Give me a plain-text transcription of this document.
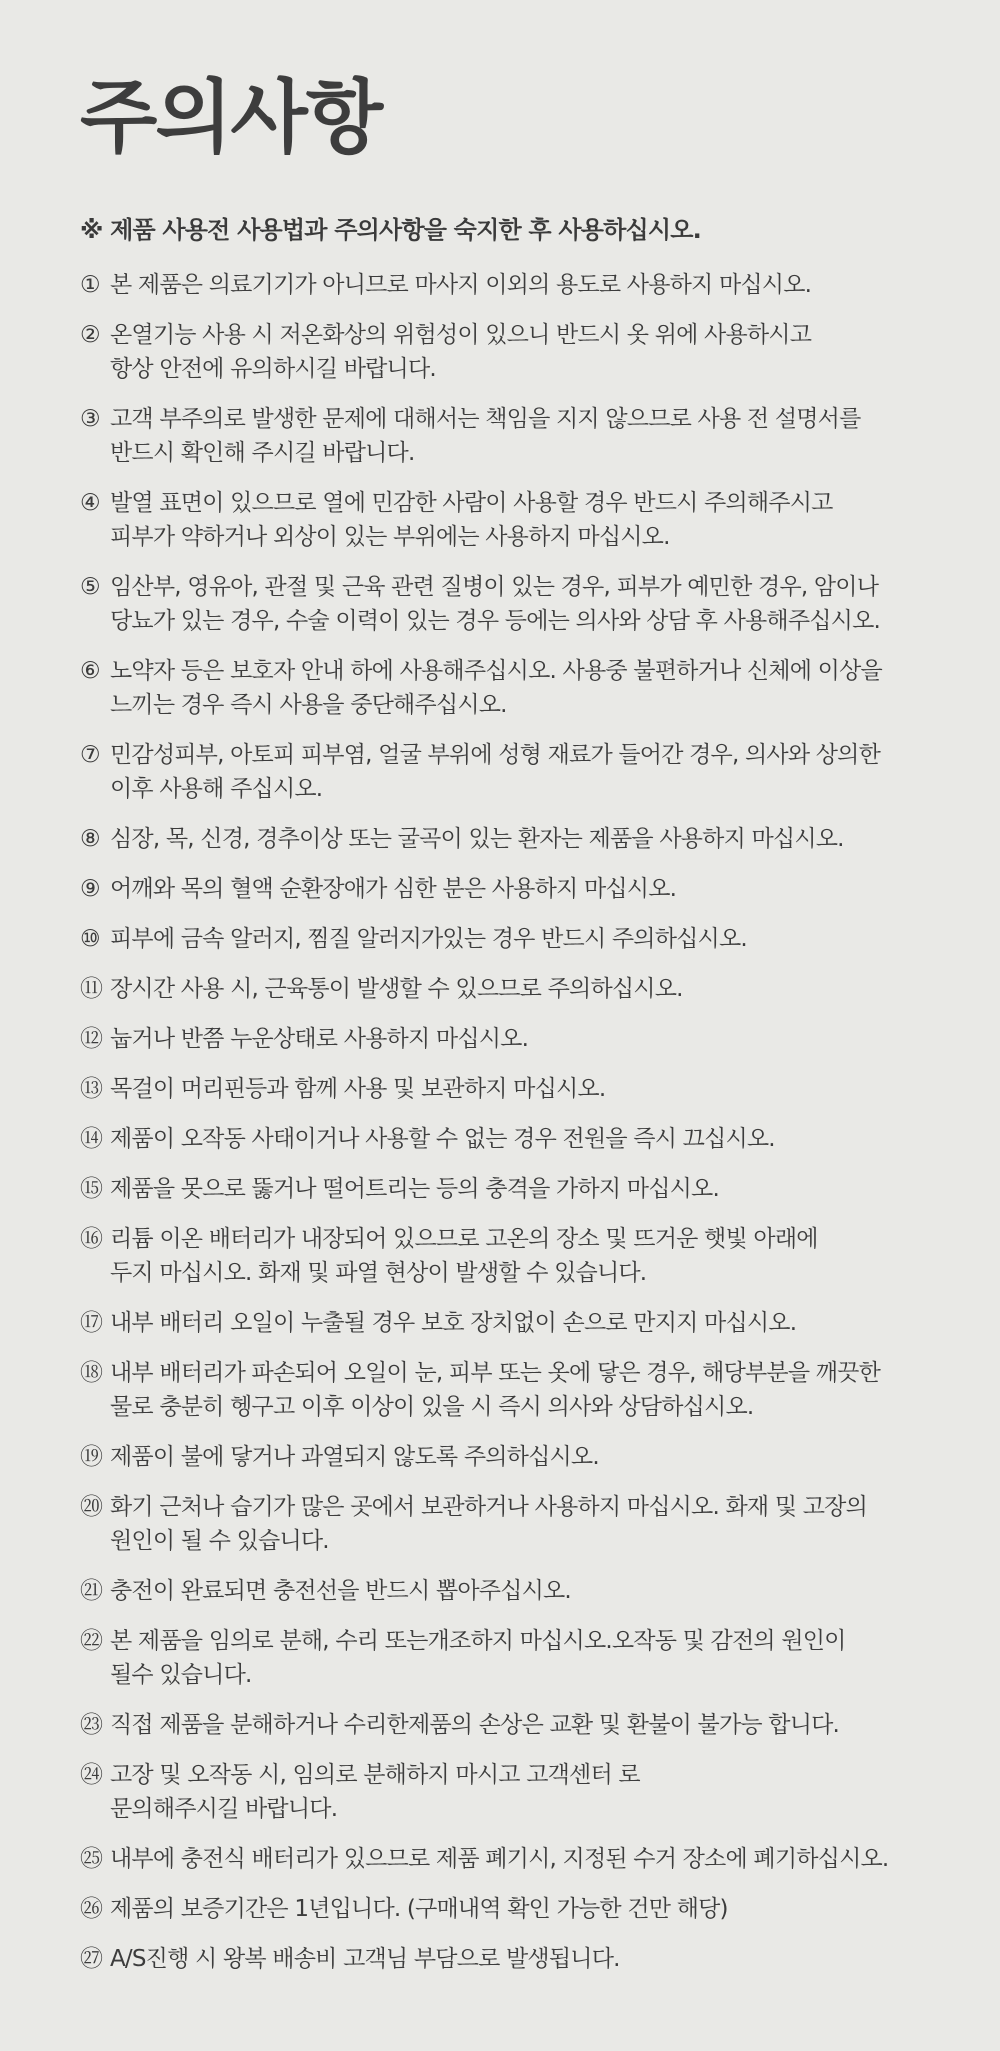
주의사항
※ 제품 사용전 사용법과 주의사항을 숙지한 후 사용하십시오.
① 본 제품은 의료기기가 아니므로 마사지 이외의 용도로 사용하지 마십시오.
② 온열기능 사용 시 저온화상의 위험성이 있으니 반드시 옷 위에 사용하시고
항상 안전에 유의하시길 바랍니다.
③ 고객 부주의로 발생한 문제에 대해서는 책임을 지지 않으므로 사용 전 설명서를
반드시 확인해 주시길 바랍니다.
④ 발열 표면이 있으므로 열에 민감한 사람이 사용할 경우 반드시 주의해주시고
피부가 약하거나 외상이 있는 부위에는 사용하지 마십시오.
⑤ 임산부, 영유아, 관절 및 근육 관련 질병이 있는 경우, 피부가 예민한 경우, 암이나
당뇨가 있는 경우, 수술 이력이 있는 경우 등에는 의사와 상담 후 사용해주십시오.
⑥ 노약자 등은 보호자 안내 하에 사용해주십시오. 사용중 불편하거나 신체에 이상을
느끼는 경우 즉시 사용을 중단해주십시오.
⑦ 민감성피부, 아토피 피부염, 얼굴 부위에 성형 재료가 들어간 경우, 의사와 상의한
이후 사용해 주십시오.
⑧ 심장, 목, 신경, 경추이상 또는 굴곡이 있는 환자는 제품을 사용하지 마십시오.
⑨ 어깨와 목의 혈액 순환장애가 심한 분은 사용하지 마십시오.
⑩ 피부에 금속 알러지, 찜질 알러지가있는 경우 반드시 주의하십시오.
⑪ 장시간 사용 시, 근육통이 발생할 수 있으므로 주의하십시오.
⑫ 눕거나 반쯤 누운상태로 사용하지 마십시오.
⑬ 목걸이 머리핀등과 함께 사용 및 보관하지 마십시오.
⑭ 제품이 오작동 사태이거나 사용할 수 없는 경우 전원을 즉시 끄십시오.
⑮ 제품을 못으로 뚫거나 떨어트리는 등의 충격을 가하지 마십시오.
⑯ 리튬 이온 배터리가 내장되어 있으므로 고온의 장소 및 뜨거운 햇빛 아래에
두지 마십시오. 화재 및 파열 현상이 발생할 수 있습니다.
⑰ 내부 배터리 오일이 누출될 경우 보호 장치없이 손으로 만지지 마십시오.
⑱ 내부 배터리가 파손되어 오일이 눈, 피부 또는 옷에 닿은 경우, 해당부분을 깨끗한
물로 충분히 헹구고 이후 이상이 있을 시 즉시 의사와 상담하십시오.
⑲ 제품이 불에 닿거나 과열되지 않도록 주의하십시오.
⑳ 화기 근처나 습기가 많은 곳에서 보관하거나 사용하지 마십시오. 화재 및 고장의
원인이 될 수 있습니다.
㉑ 충전이 완료되면 충전선을 반드시 뽑아주십시오.
㉒ 본 제품을 임의로 분해, 수리 또는개조하지 마십시오.오작동 및 감전의 원인이
될수 있습니다.
㉓ 직접 제품을 분해하거나 수리한제품의 손상은 교환 및 환불이 불가능 합니다.
㉔ 고장 및 오작동 시, 임의로 분해하지 마시고 고객센터 로
문의해주시길 바랍니다.
㉕ 내부에 충전식 배터리가 있으므로 제품 폐기시, 지정된 수거 장소에 폐기하십시오.
㉖ 제품의 보증기간은 1년입니다. (구매내역 확인 가능한 건만 해당)
㉗ A/S진행 시 왕복 배송비 고객님 부담으로 발생됩니다.
